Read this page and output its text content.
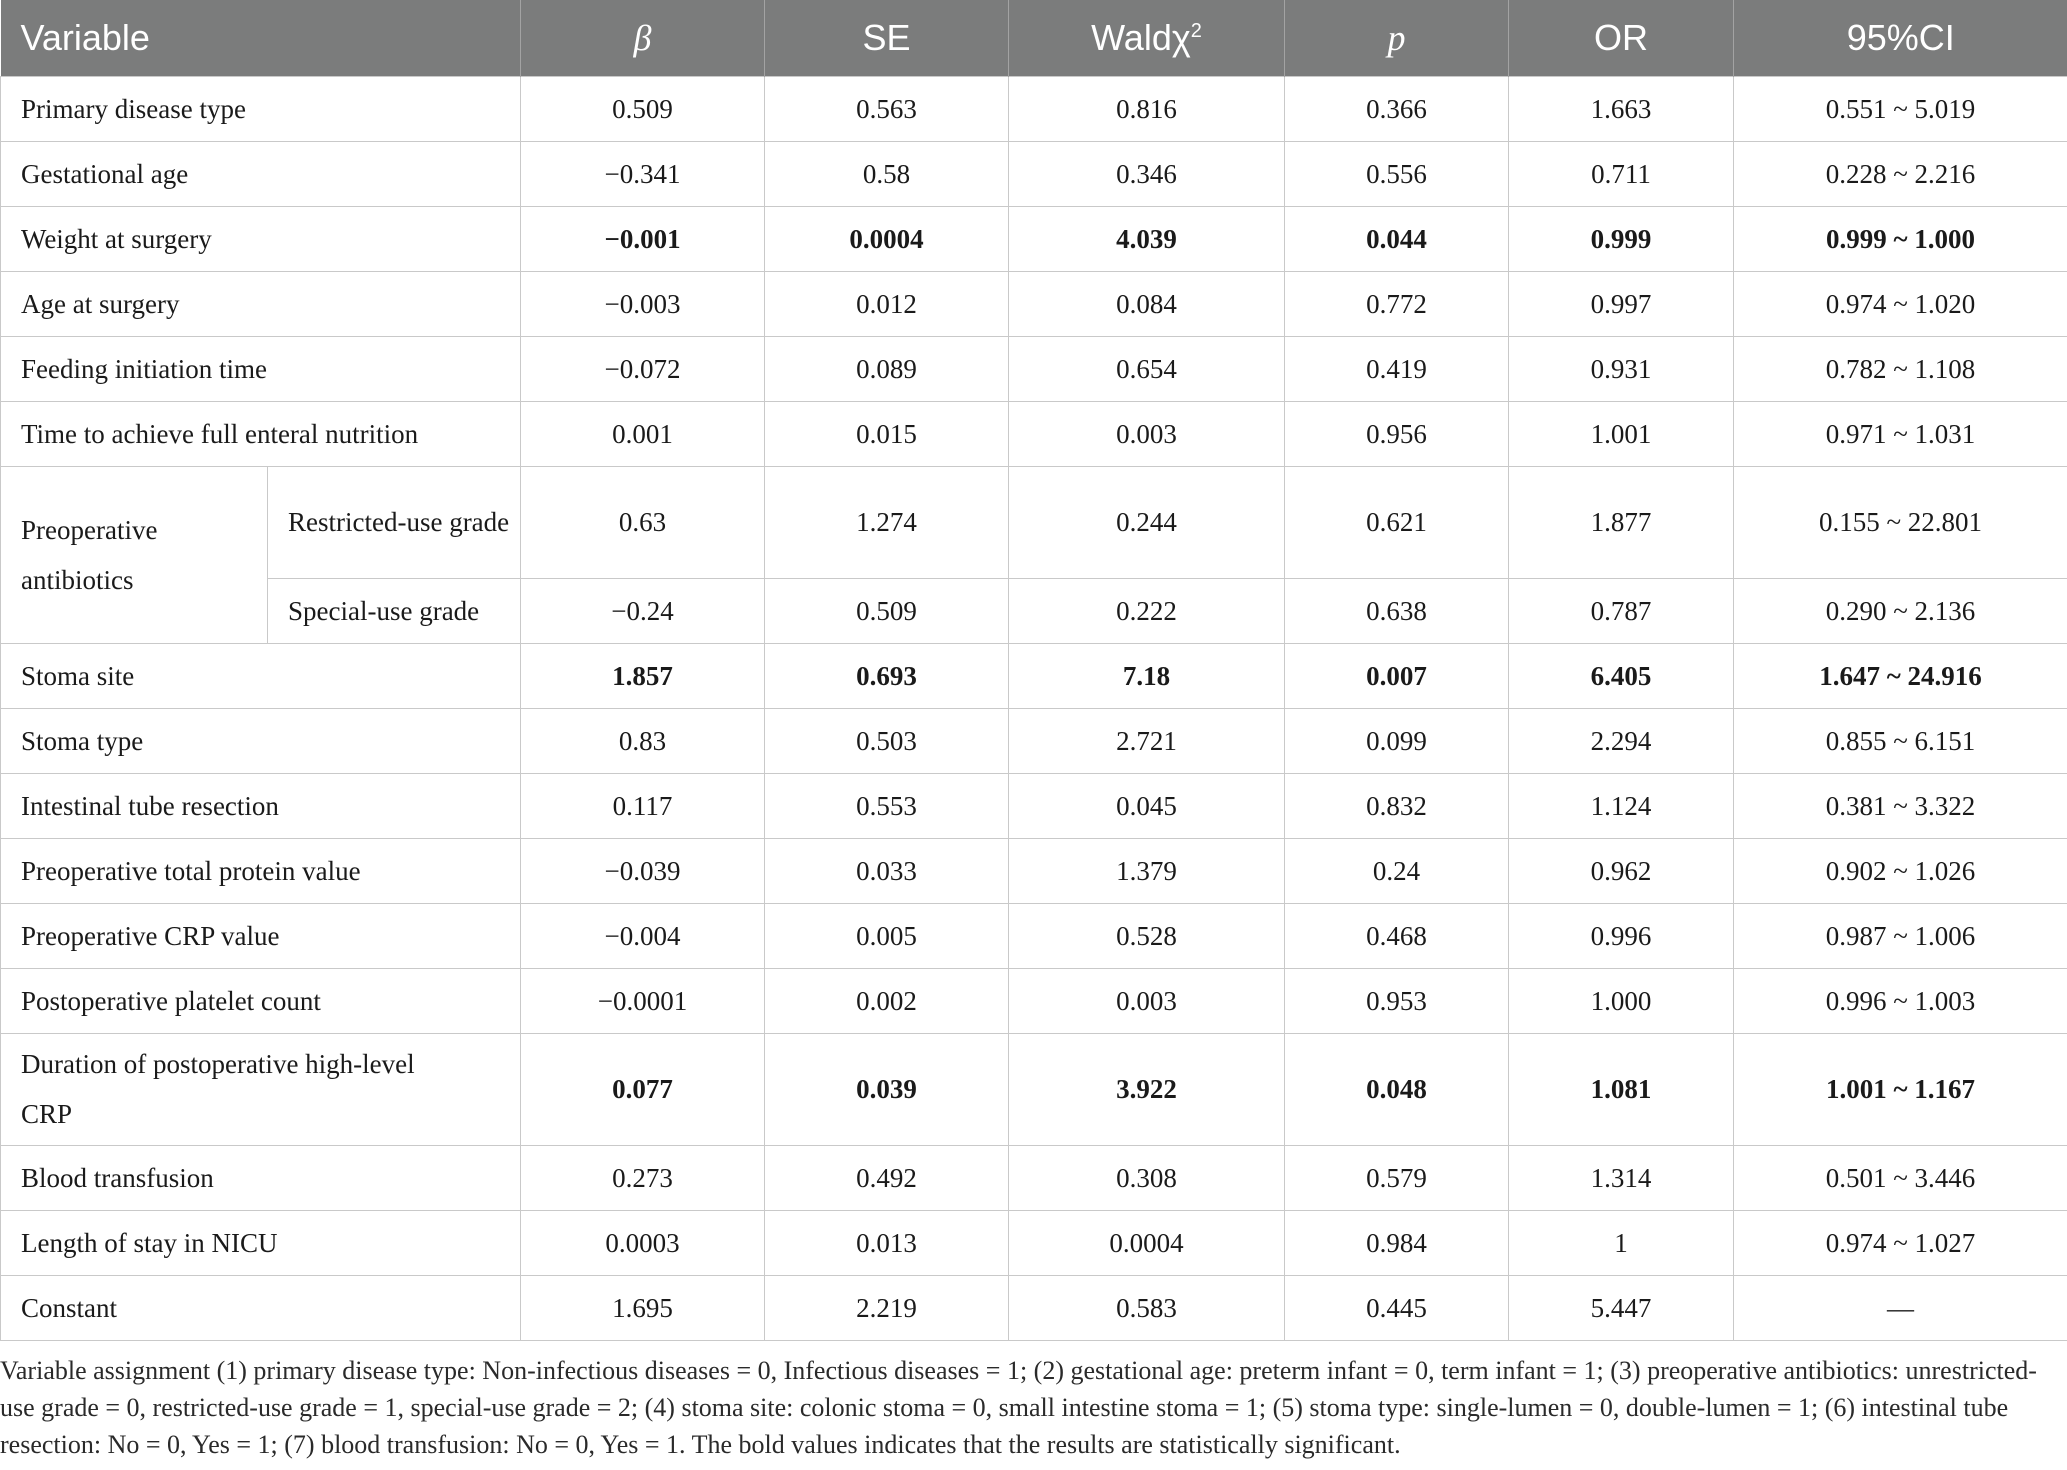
Variable		β	SE	Waldχ$^2$	p	OR	95%CI
Primary disease type		0.509	0.563	0.816	0.366	1.663	0.551 ~ 5.019
Gestational age		−0.341	0.58	0.346	0.556	0.711	0.228 ~ 2.216
Weight at surgery		−0.001	0.0004	4.039	0.044	0.999	0.999 ~ 1.000
Age at surgery		−0.003	0.012	0.084	0.772	0.997	0.974 ~ 1.020
Feeding initiation time		−0.072	0.089	0.654	0.419	0.931	0.782 ~ 1.108
Time to achieve full enteral nutrition		0.001	0.015	0.003	0.956	1.001	0.971 ~ 1.031
Preoperative antibiotics	Restricted-use grade	0.63	1.274	0.244	0.621	1.877	0.155 ~ 22.801
	Special-use grade	−0.24	0.509	0.222	0.638	0.787	0.290 ~ 2.136
Stoma site		1.857	0.693	7.18	0.007	6.405	1.647 ~ 24.916
Stoma type		0.83	0.503	2.721	0.099	2.294	0.855 ~ 6.151
Intestinal tube resection		0.117	0.553	0.045	0.832	1.124	0.381 ~ 3.322
Preoperative total protein value		−0.039	0.033	1.379	0.24	0.962	0.902 ~ 1.026
Preoperative CRP value		−0.004	0.005	0.528	0.468	0.996	0.987 ~ 1.006
Postoperative platelet count		−0.0001	0.002	0.003	0.953	1.000	0.996 ~ 1.003
Duration of postoperative high-level CRP		0.077	0.039	3.922	0.048	1.081	1.001 ~ 1.167
Blood transfusion		0.273	0.492	0.308	0.579	1.314	0.501 ~ 3.446
Length of stay in NICU		0.0003	0.013	0.0004	0.984	1	0.974 ~ 1.027
Constant		1.695	2.219	0.583	0.445	5.447	—
Variable assignment (1) primary disease type: Non-infectious diseases = 0, Infectious diseases = 1; (2) gestational age: preterm infant = 0, term infant = 1; (3) preoperative antibiotics: unrestricted-use grade = 0, restricted-use grade = 1, special-use grade = 2; (4) stoma site: colonic stoma = 0, small intestine stoma = 1; (5) stoma type: single-lumen = 0, double-lumen = 1; (6) intestinal tube resection: No = 0, Yes = 1; (7) blood transfusion: No = 0, Yes = 1. The bold values indicates that the results are statistically significant.
